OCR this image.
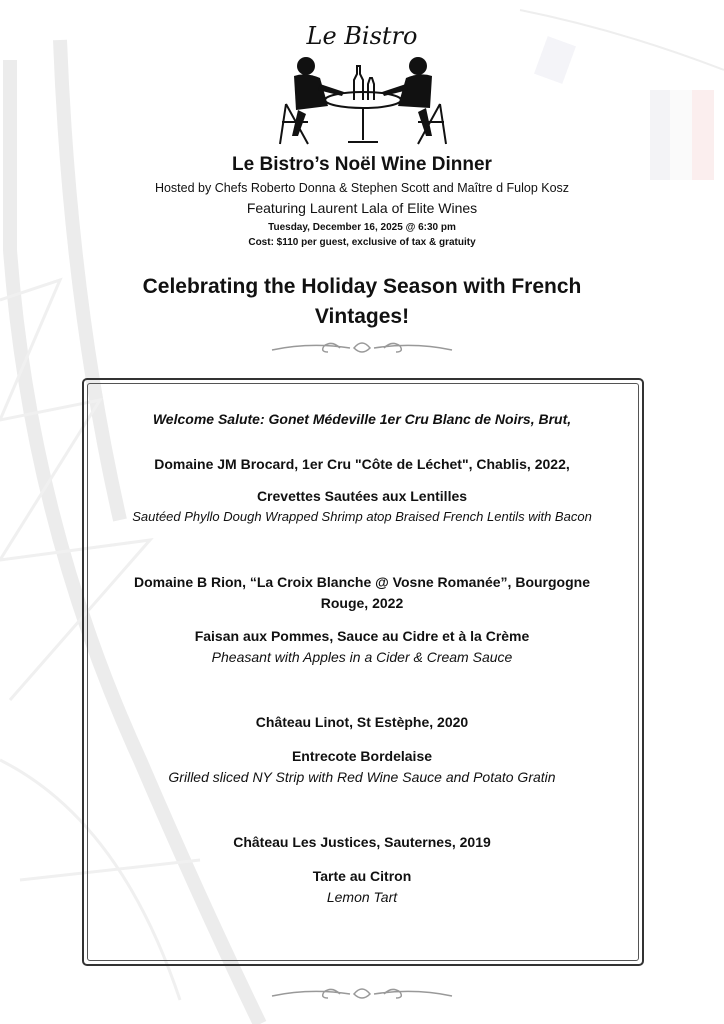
Le Bistro
Le Bistro’s Noël Wine Dinner
Hosted by Chefs Roberto Donna & Stephen Scott and Maître d Fulop Kosz
Featuring Laurent Lala of Elite Wines
Tuesday, December 16, 2025 @ 6:30 pm
Cost: $110 per guest, exclusive of tax & gratuity
Celebrating the Holiday Season with French
Vintages!
Welcome Salute: Gonet Médeville 1er Cru Blanc de Noirs, Brut,
Domaine JM Brocard, 1er Cru "Côte de Léchet", Chablis, 2022,
Crevettes Sautées aux Lentilles
Sautéed Phyllo Dough Wrapped Shrimp atop Braised French Lentils with Bacon
Domaine B Rion, “La Croix Blanche @ Vosne Romanée”, Bourgogne
Rouge, 2022
Faisan aux Pommes, Sauce au Cidre et à la Crème
Pheasant with Apples in a Cider & Cream Sauce
Château Linot, St Estèphe, 2020
Entrecote Bordelaise
Grilled sliced NY Strip with Red Wine Sauce and Potato Gratin
Château Les Justices, Sauternes, 2019
Tarte au Citron
Lemon Tart
